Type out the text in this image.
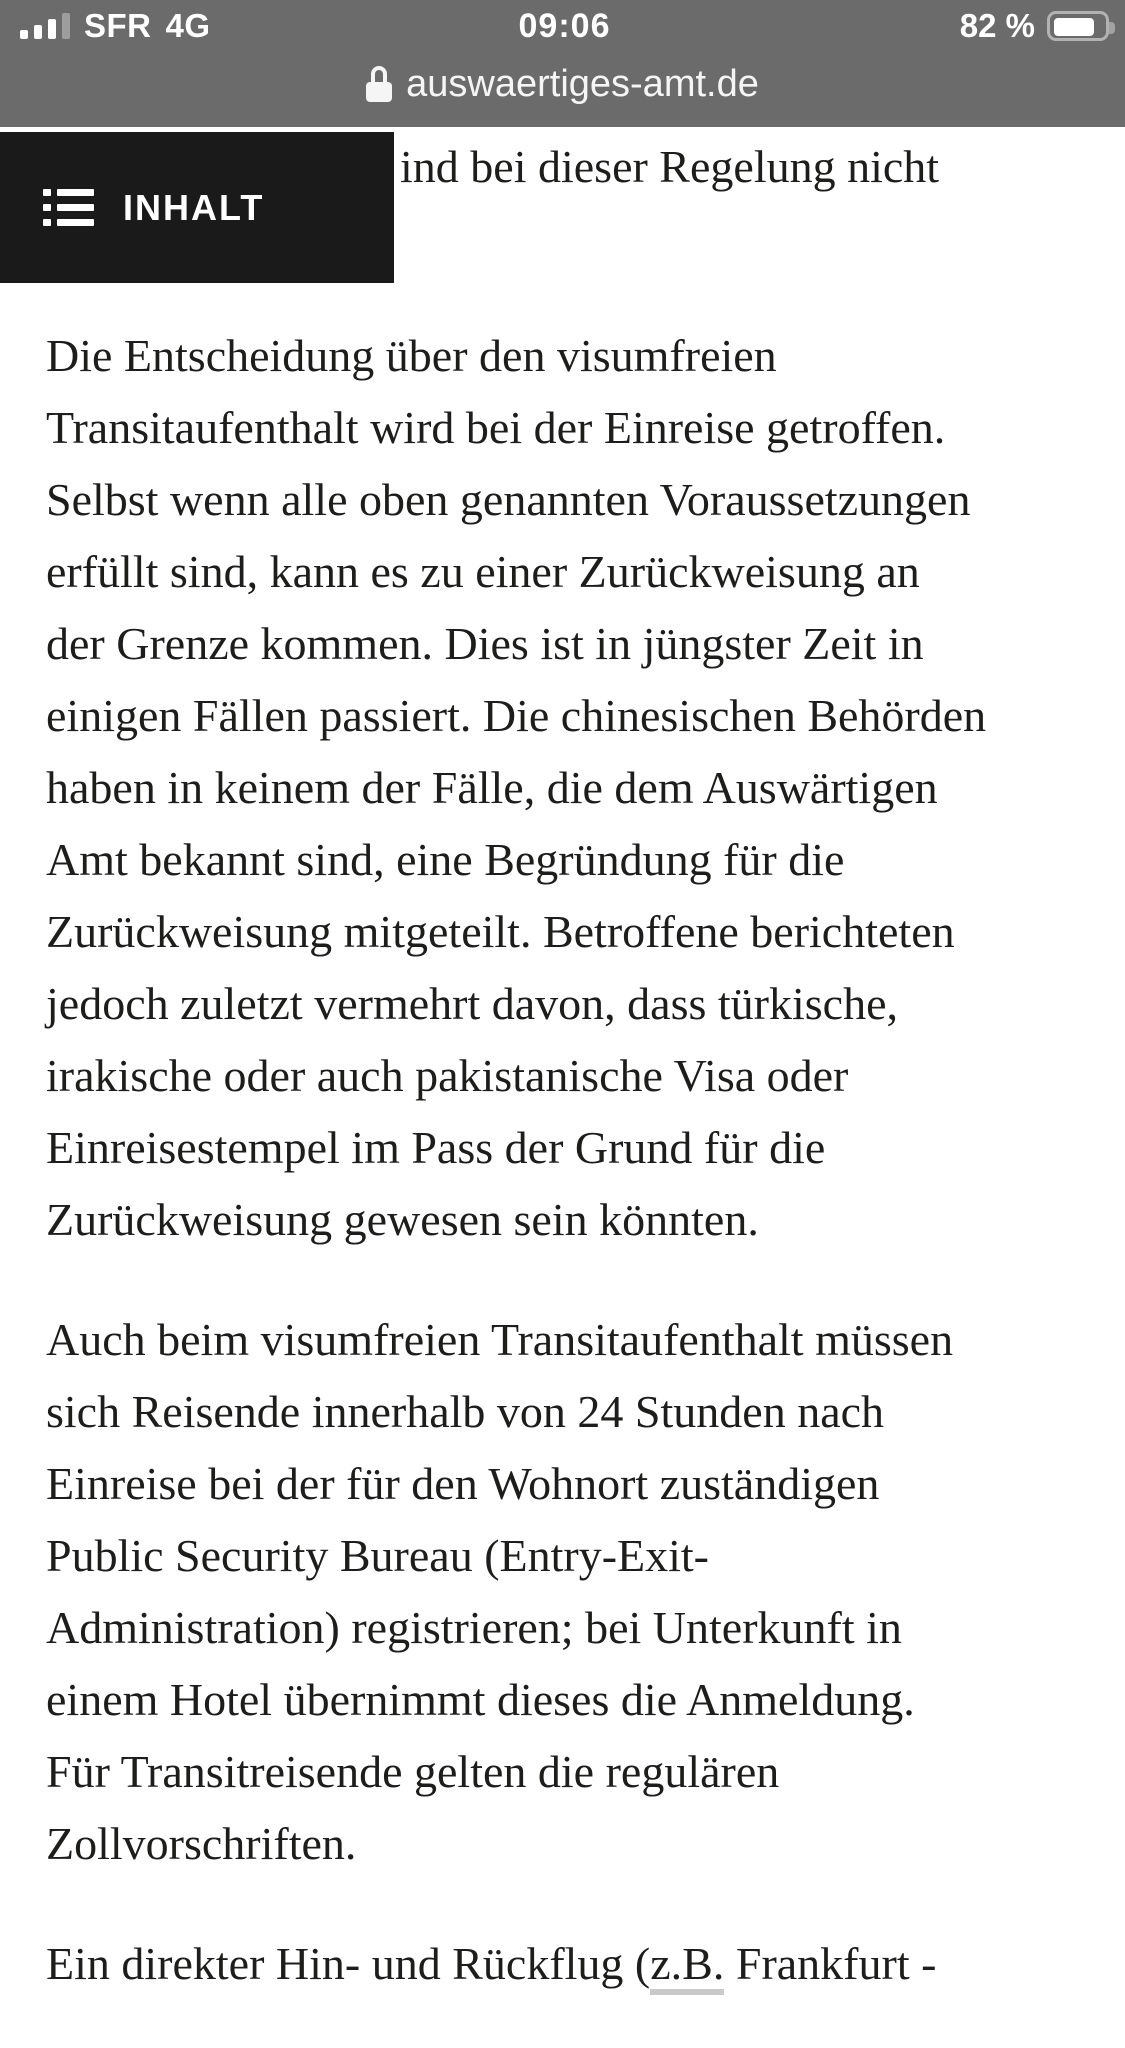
SFR 4G	09:06	82 %
auswaertiges-amt.de
ind bei dieser Regelung nicht
INHALT

Die Entscheidung über den visumfreien
Transitaufenthalt wird bei der Einreise getroffen.
Selbst wenn alle oben genannten Voraussetzungen
erfüllt sind, kann es zu einer Zurückweisung an
der Grenze kommen. Dies ist in jüngster Zeit in
einigen Fällen passiert. Die chinesischen Behörden
haben in keinem der Fälle, die dem Auswärtigen
Amt bekannt sind, eine Begründung für die
Zurückweisung mitgeteilt. Betroffene berichteten
jedoch zuletzt vermehrt davon, dass türkische,
irakische oder auch pakistanische Visa oder
Einreisestempel im Pass der Grund für die
Zurückweisung gewesen sein könnten.

Auch beim visumfreien Transitaufenthalt müssen
sich Reisende innerhalb von 24 Stunden nach
Einreise bei der für den Wohnort zuständigen
Public Security Bureau (Entry-Exit-
Administration) registrieren; bei Unterkunft in
einem Hotel übernimmt dieses die Anmeldung.
Für Transitreisende gelten die regulären
Zollvorschriften.

Ein direkter Hin- und Rückflug (z.B. Frankfurt -
